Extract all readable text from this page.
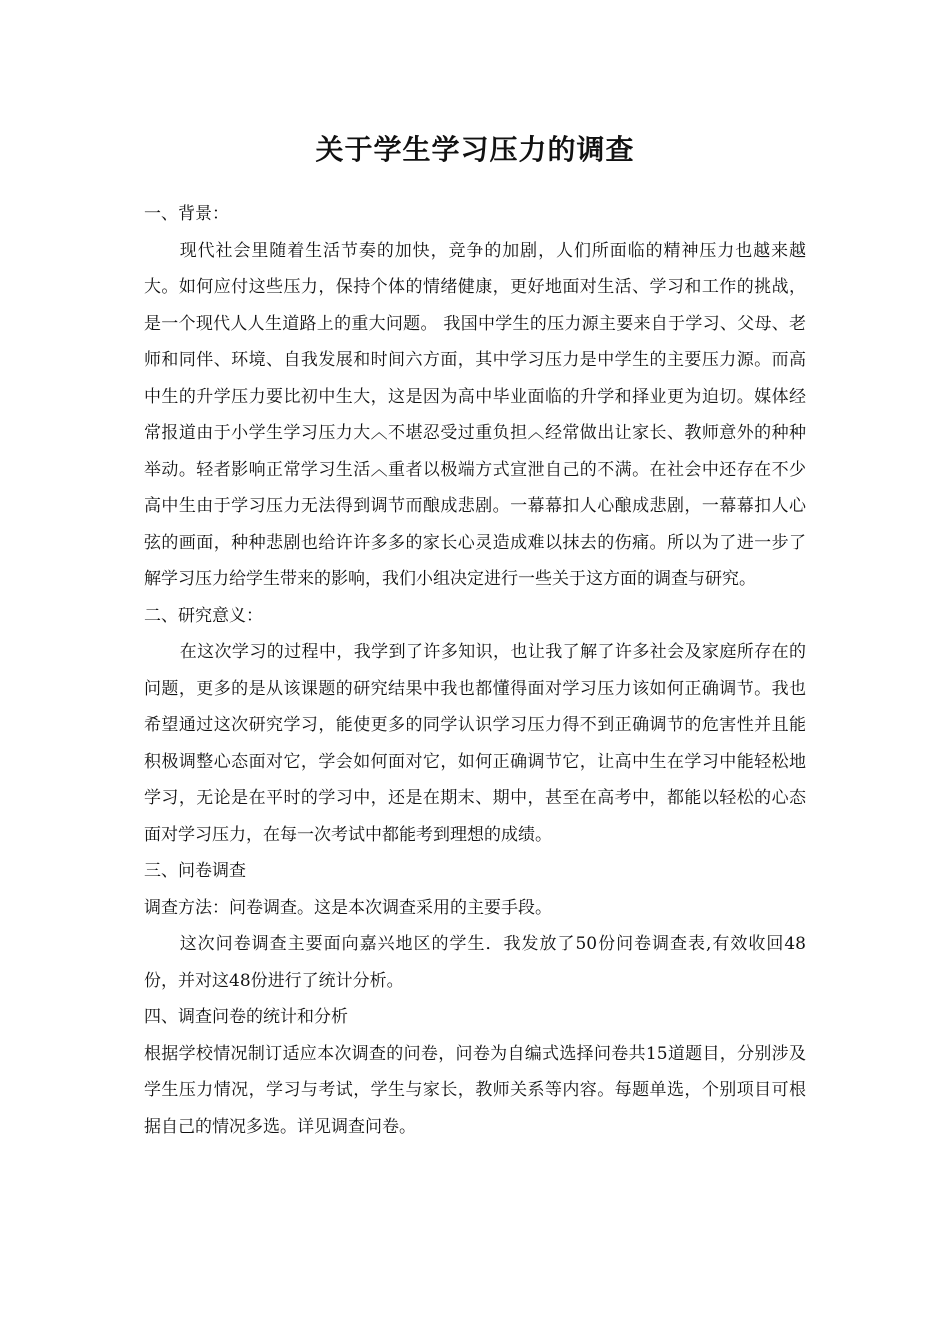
关于学生学习压力的调查

一、背景：

现代社会里随着生活节奏的加快，竞争的加剧，人们所面临的精神压力也越来越大。如何应付这些压力，保持个体的情绪健康，更好地面对生活、学习和工作的挑战，是一个现代人人生道路上的重大问题。 我国中学生的压力源主要来自于学习、父母、老师和同伴、环境、自我发展和时间六方面，其中学习压力是中学生的主要压力源。而高中生的升学压力要比初中生大，这是因为高中毕业面临的升学和择业更为迫切。媒体经常报道由于小学生学习压力大︿不堪忍受过重负担︿经常做出让家长、教师意外的种种举动。轻者影响正常学习生活︿重者以极端方式宣泄自己的不满。在社会中还存在不少高中生由于学习压力无法得到调节而酿成悲剧。一幕幕扣人心酿成悲剧，一幕幕扣人心弦的画面，种种悲剧也给许许多多的家长心灵造成难以抹去的伤痛。所以为了进一步了解学习压力给学生带来的影响，我们小组决定进行一些关于这方面的调查与研究。

二、研究意义：

在这次学习的过程中，我学到了许多知识，也让我了解了许多社会及家庭所存在的问题，更多的是从该课题的研究结果中我也都懂得面对学习压力该如何正确调节。我也希望通过这次研究学习，能使更多的同学认识学习压力得不到正确调节的危害性并且能积极调整心态面对它，学会如何面对它，如何正确调节它，让高中生在学习中能轻松地学习，无论是在平时的学习中，还是在期末、期中，甚至在高考中，都能以轻松的心态面对学习压力，在每一次考试中都能考到理想的成绩。

三、问卷调查

调查方法：问卷调查。这是本次调查采用的主要手段。

这次问卷调查主要面向嘉兴地区的学生．我发放了50份问卷调查表,有效收回48份，并对这48份进行了统计分析。

四、调查问卷的统计和分析

根据学校情况制订适应本次调查的问卷，问卷为自编式选择问卷共15道题目，分别涉及学生压力情况，学习与考试，学生与家长，教师关系等内容。每题单选，个别项目可根据自己的情况多选。详见调查问卷。
